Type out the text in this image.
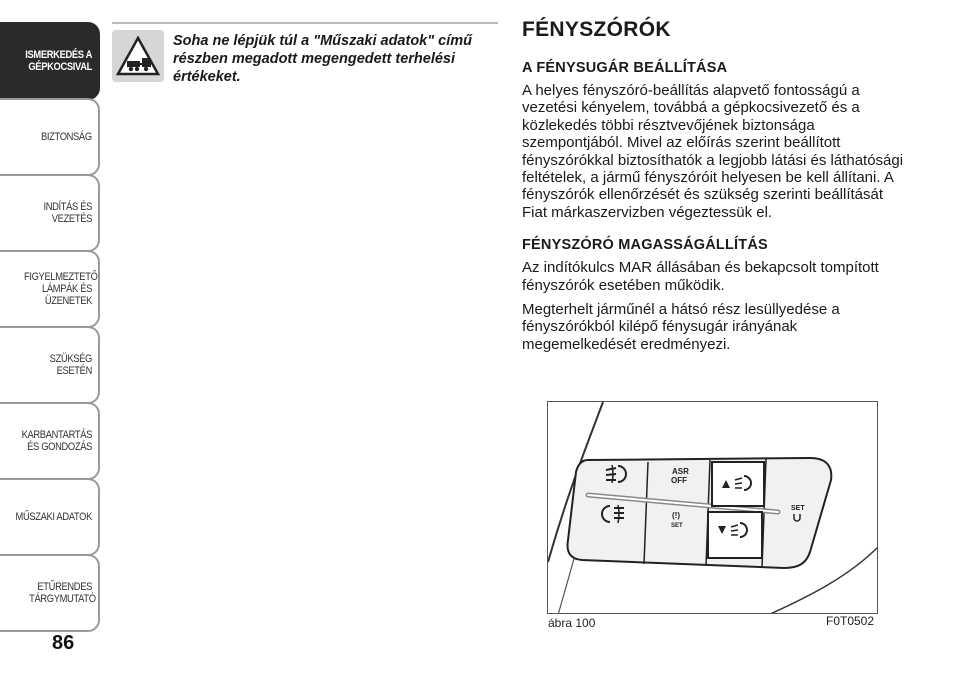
ISMERKEDÉS A GÉPKOCSIVAL
BIZTONSÁG
INDÍTÁS ÉS VEZETÉS
FIGYELMEZTETŐ LÁMPÁK ÉS ÜZENETEK
SZÜKSÉG ESETÉN
KARBANTARTÁS ÉS GONDOZÁS
MŰSZAKI ADATOK
ETŰRENDES TÁRGYMUTATÓ
86
Soha ne lépjük túl a "Műszaki adatok" című részben megadott megengedett terhelési értékeket.
FÉNYSZÓRÓK
A FÉNYSUGÁR BEÁLLÍTÁSA
A helyes fényszóró-beállítás alapvető fontosságú a vezetési kényelem, továbbá a gépkocsivezető és a közlekedés többi résztvevőjének biztonsága szempontjából. Mivel az előírás szerint beállított fényszórókkal biztosíthatók a legjobb látási és láthatósági feltételek, a jármű fényszóróit helyesen be kell állítani. A fényszórók ellenőrzését és szükség szerinti beállítását Fiat márkaszervizben végeztessük el.
FÉNYSZÓRÓ MAGASSÁGÁLLÍTÁS
Az indítókulcs MAR állásában és bekapcsolt tompított fényszórók esetében működik.
Megterhelt járműnél a hátsó rész lesüllyedése a fényszórókból kilépő fénysugár irányának megemelkedését eredményezi.
ASR
OFF
(!)
SET
SET
ábra 100	F0T0502
